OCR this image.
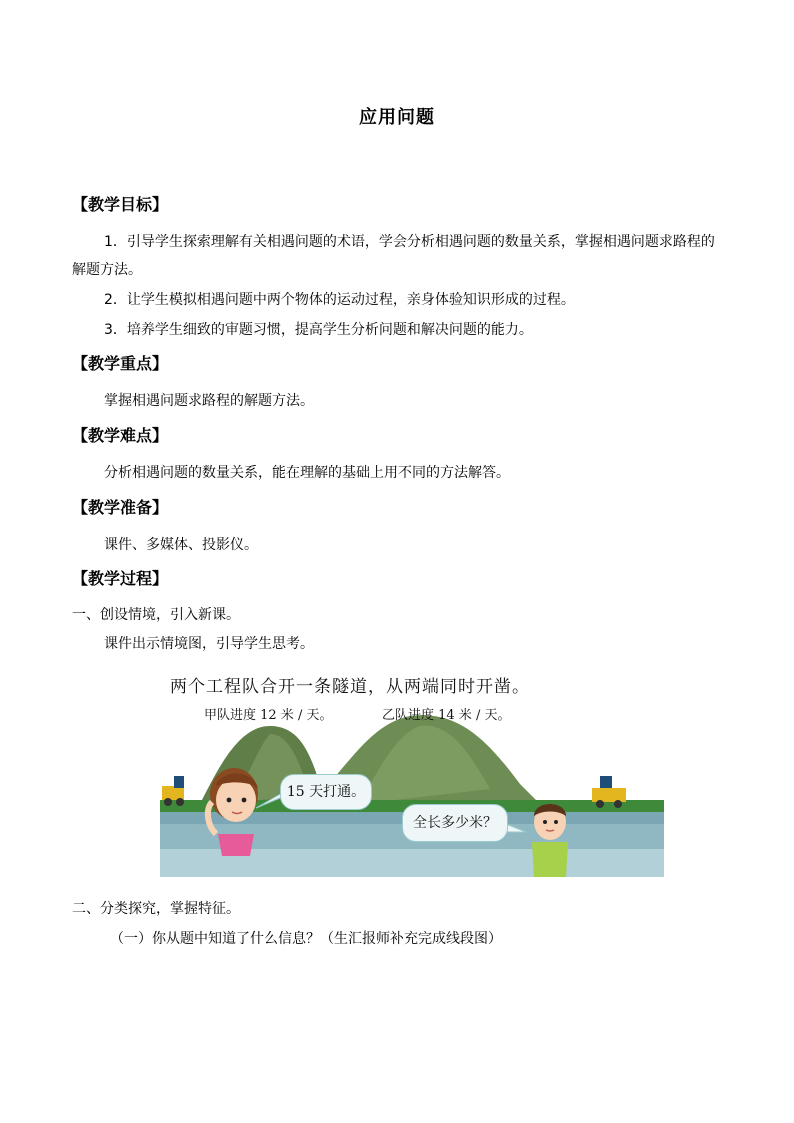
应用问题
【教学目标】
1．引导学生探索理解有关相遇问题的术语，学会分析相遇问题的数量关系，掌握相遇问题求路程的解题方法。
2．让学生模拟相遇问题中两个物体的运动过程，亲身体验知识形成的过程。
3．培养学生细致的审题习惯，提高学生分析问题和解决问题的能力。
【教学重点】
掌握相遇问题求路程的解题方法。
【教学难点】
分析相遇问题的数量关系，能在理解的基础上用不同的方法解答。
【教学准备】
课件、多媒体、投影仪。
【教学过程】
一、创设情境，引入新课。
课件出示情境图，引导学生思考。
两个工程队合开一条隧道，从两端同时开凿。
甲队进度 12 米 / 天。	乙队进度 14 米 / 天。
15 天打通。
全长多少米？
二、分类探究，掌握特征。
（一）你从题中知道了什么信息？（生汇报师补充完成线段图）
